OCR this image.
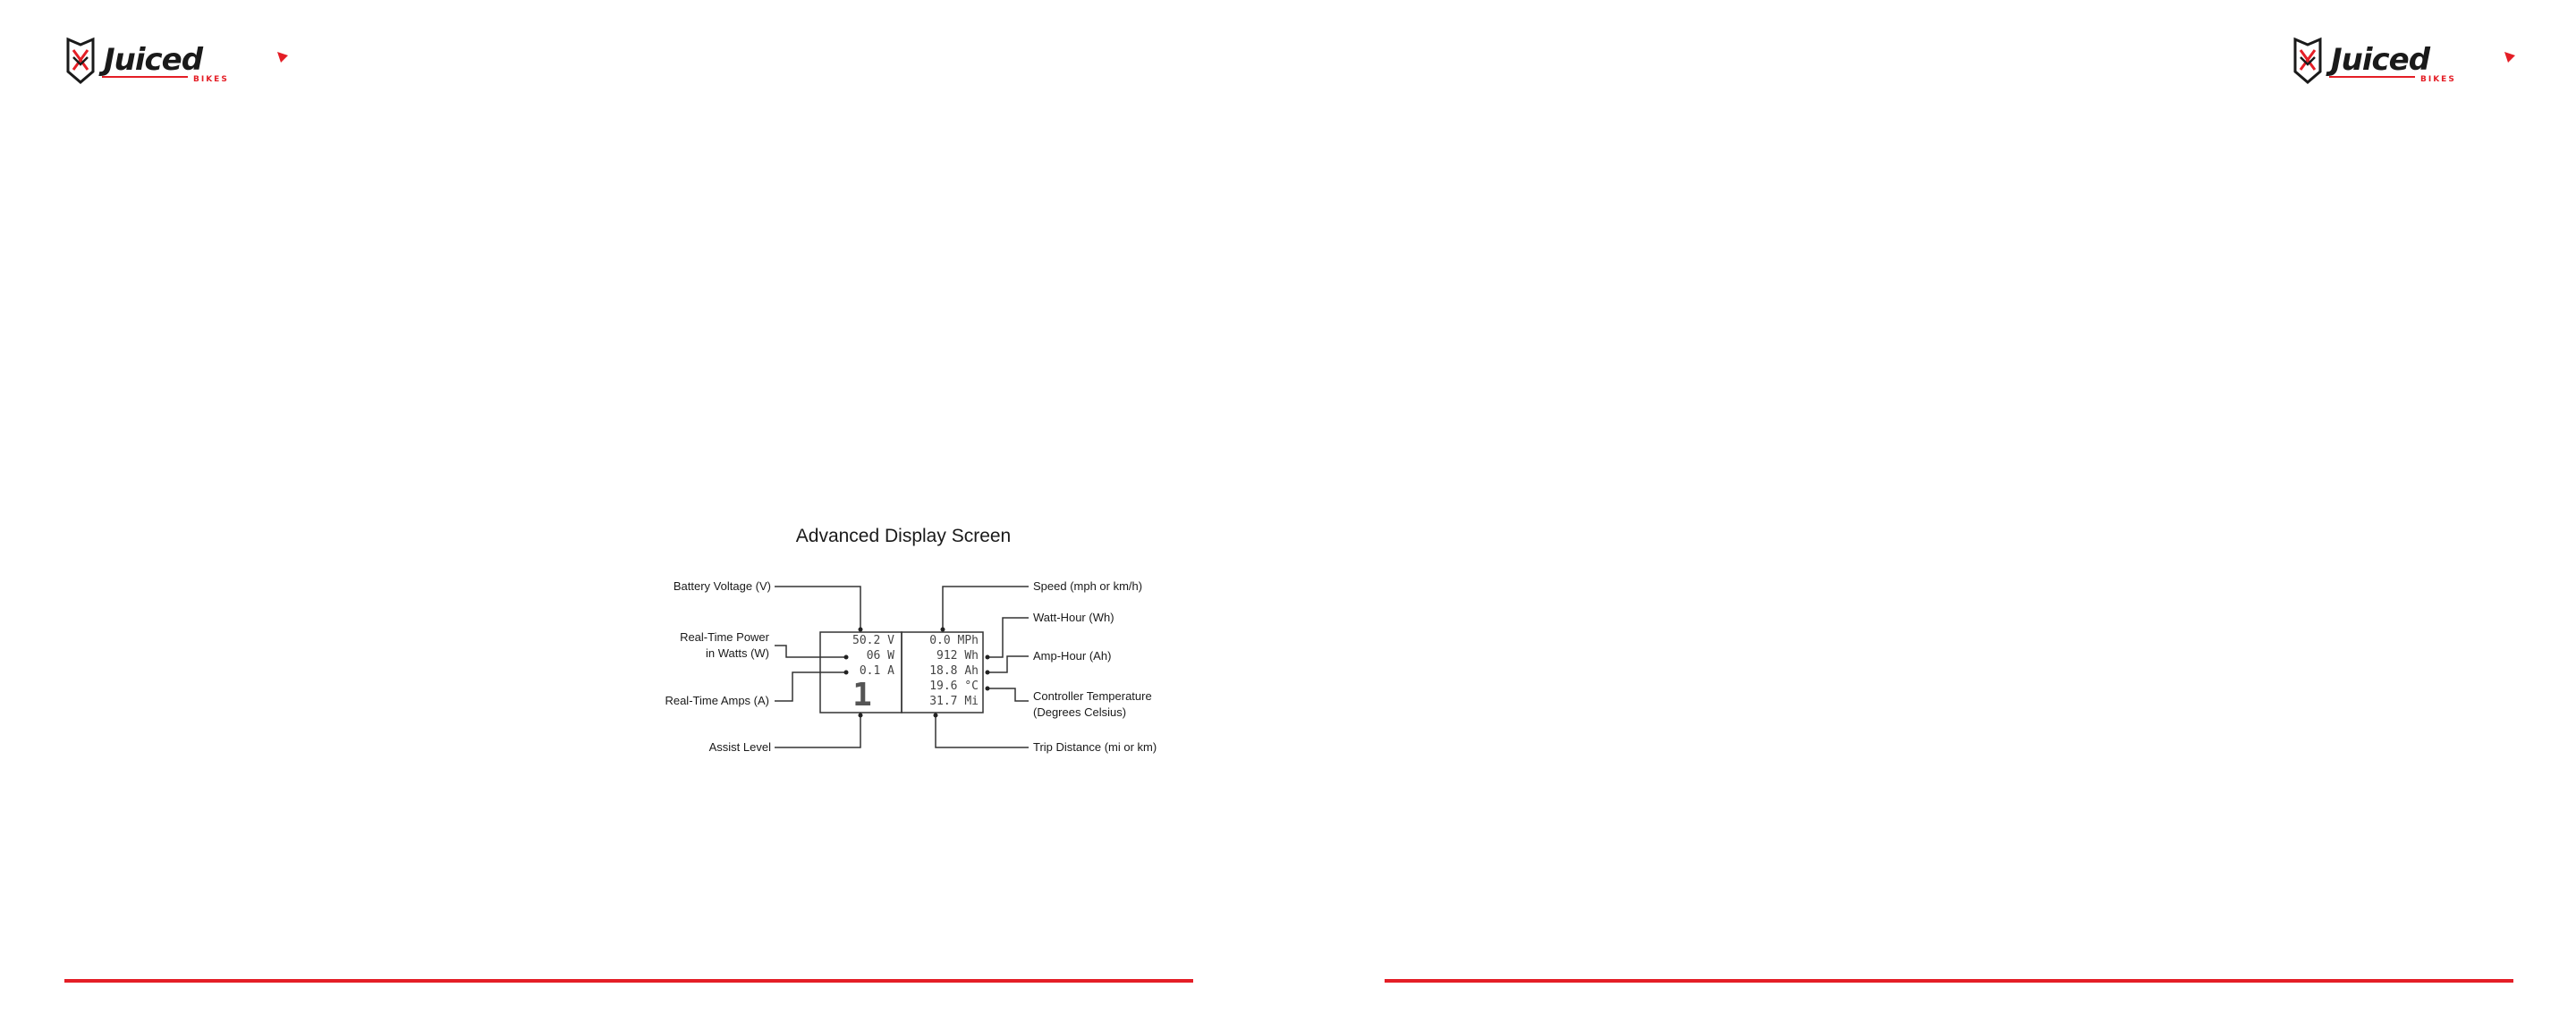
Juiced
BIKES
Juiced
BIKES
Advanced Display Screen
Battery Voltage (V)
Real-Time Power
in Watts (W)
Real-Time Amps (A)
Assist Level
Speed (mph or km/h)
Watt-Hour (Wh)
Amp-Hour (Ah)
Controller Temperature
(Degrees Celsius)
Trip Distance (mi or km)
50.2 V
06 W
0.1 A
1
0.0 MPh
912 Wh
18.8 Ah
19.6 °C
31.7 Mi
